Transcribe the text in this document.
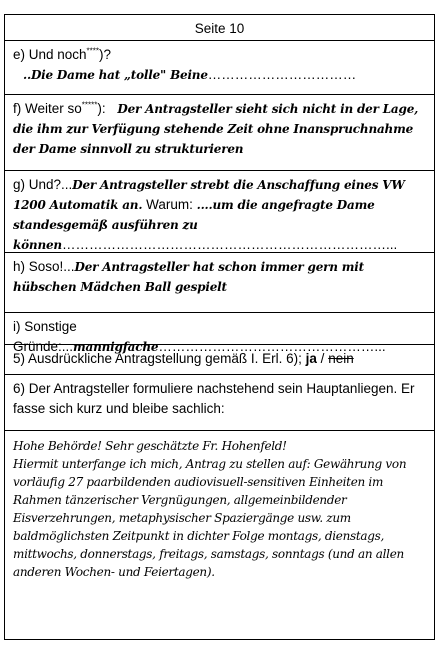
Seite 10
e) Und noch****)?
..Die Dame hat „tolle" Beine……………………………
f) Weiter so*****): Der Antragsteller sieht sich nicht in der Lage, die ihm zur Verfügung stehende Zeit ohne Inanspruchnahme der Dame sinnvoll zu strukturieren
g) Und?...Der Antragsteller strebt die Anschaffung eines VW 1200 Automatik an. Warum: ....um die angefragte Dame standesgemäß ausführen zu können………………………………………………………………...
h) Soso!...Der Antragsteller hat schon immer gern mit hübschen Mädchen Ball gespielt
i) Sonstige Gründe:...mannigfache…………………………………………...
5) Ausdrückliche Antragstellung gemäß I. Erl. 6); ja / nein
6) Der Antragsteller formuliere nachstehend sein Hauptanliegen. Er fasse sich kurz und bleibe sachlich:
Hohe Behörde! Sehr geschätzte Fr. Hohenfeld!
Hiermit unterfange ich mich, Antrag zu stellen auf: Gewährung von vorläufig 27 paarbildenden audiovisuell-sensitiven Einheiten im Rahmen tänzerischer Vergnügungen, allgemeinbildender Eisverzehrungen, metaphysischer Spaziergänge usw. zum baldmöglichsten Zeitpunkt in dichter Folge montags, dienstags, mittwochs, donnerstags, freitags, samstags, sonntags (und an allen anderen Wochen- und Feiertagen).
